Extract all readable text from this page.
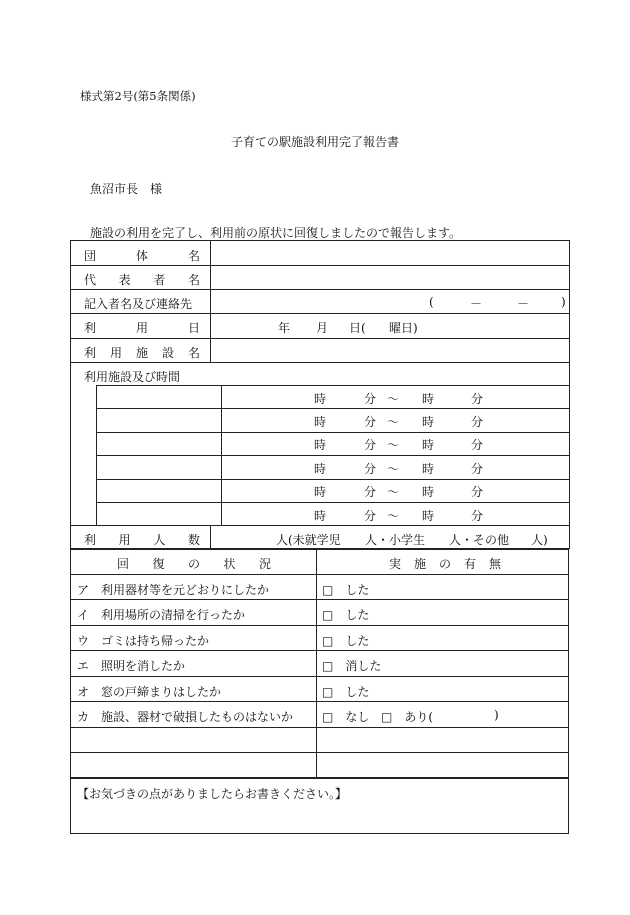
様式第2号(第5条関係)
子育ての駅施設利用完了報告書
魚沼市長　様
施設の利用を完了し、利用前の原状に回復しましたので報告します。
団	体	名
代 表 者 名
記入者名及び連絡先	(	－	－	)
利	用	日	年 月 日( 曜日)
利 用 施 設 名
利用施設及び時間
時	分 ～ 時	分
時	分 ～ 時	分
時	分 ～ 時	分
時	分 ～ 時	分
時	分 ～ 時	分
時	分 ～ 時	分
利 用 人 数	人(未就学児 人・小学生 人・その他 人)
回 復 の 状 況	実 施 の 有 無
ア　利用器材等を元どおりにしたか	□　した
イ　利用場所の清掃を行ったか	□　した
ウ　ゴミは持ち帰ったか	□　した
エ　照明を消したか	□　消した
オ　窓の戸締まりはしたか	□　した
カ　施設、器材で破損したものはないか □　なし □　あり(	)
【お気づきの点がありましたらお書きください。】
